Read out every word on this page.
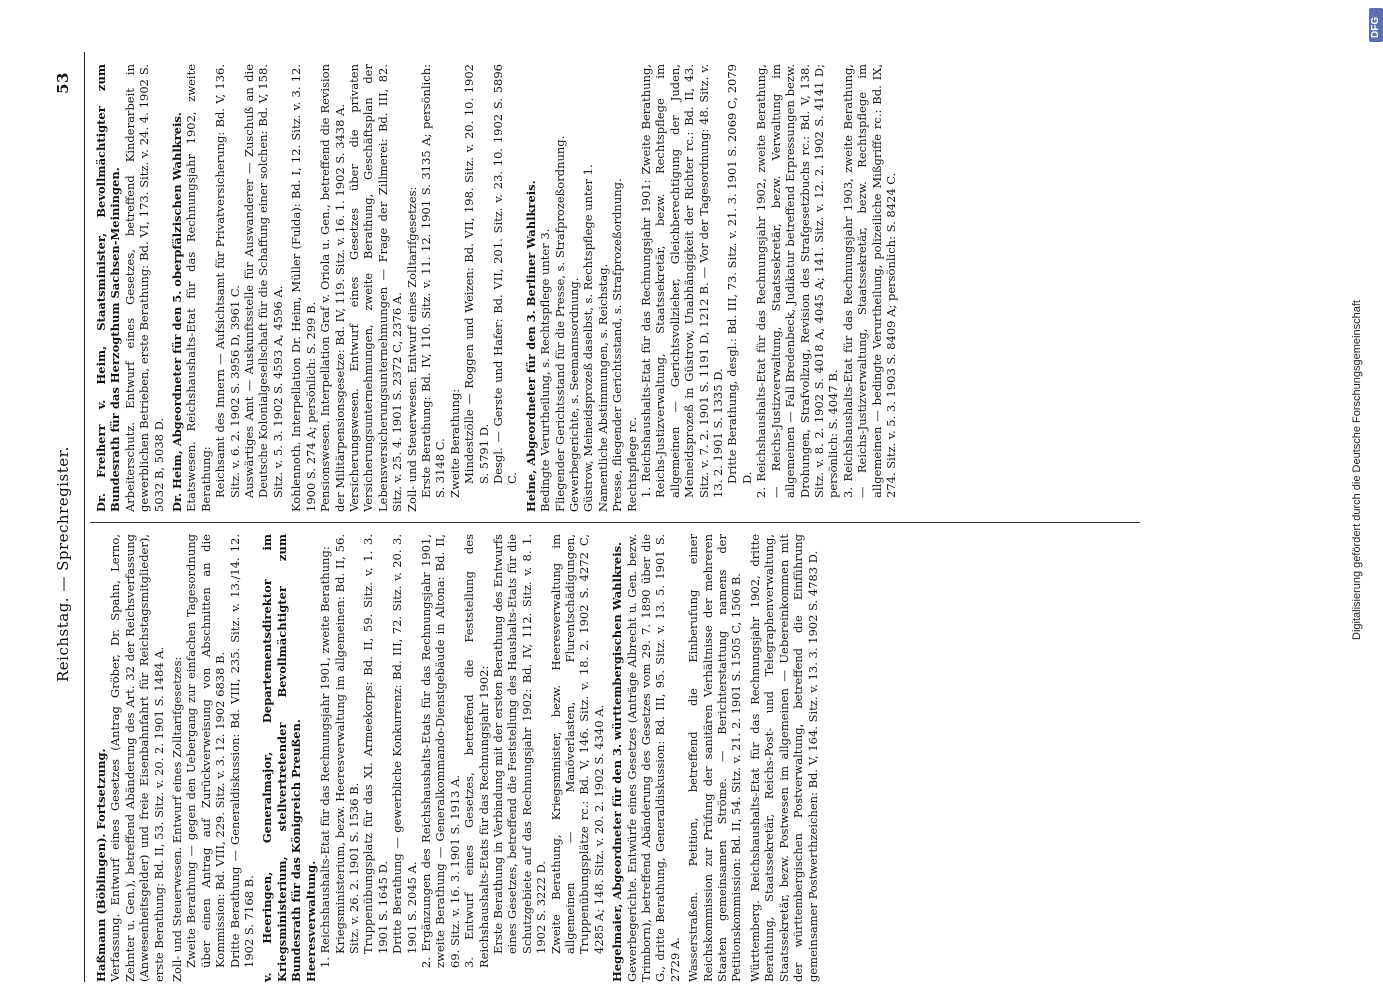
Reichstag. — Sprechregister.
53

Haßmann (Böblingen). Fortsetzung. Verfassung. Entwurf eines Gesetzes (Antrag Gröber, Dr. Spahn, Lerno, Zehnter u. Gen.), betreffend Abänderung des Art. 32 der Reichsverfassung (Anwesenheitsgelder) und freie Eisenbahnfahrt für Reichstagsmitglieder), erste Berathung: Bd. II, 53. Sitz. v. 20. 2. 1901 S. 1484 A. Zoll- und Steuerwesen. Entwurf eines Zolltarifgesetzes: Zweite Berathung — gegen den Uebergang zur einfachen Tagesordnung über einen Antrag auf Zurückverweisung von Abschnitten an die Kommission: Bd. VIII, 229. Sitz. v. 3. 12. 1902 6838 B. Dritte Berathung — Generaldiskussion: Bd. VIII, 235. Sitz. v. 13./14. 12. 1902 S. 7168 B. v. Heeringen, Generalmajor, Departementsdirektor im Kriegsministerium, stellvertretender Bevollmächtigter zum Bundesrath für das Königreich Preußen. Heeresverwaltung. 1. Reichshaushalts-Etat für das Rechnungsjahr 1901, zweite Berathung: Kriegsministerium, bezw. Heeresverwaltung im allgemeinen: Bd. II, 56. Sitz. v. 26. 2. 1901 S. 1536 B. Truppenübungsplatz für das XI. Armeekorps: Bd. II, 59. Sitz. v. 1. 3. 1901 S. 1645 D. Dritte Berathung — gewerbliche Konkurrenz: Bd. III, 72. Sitz. v. 20. 3. 1901 S. 2045 A. 2. Ergänzungen des Reichshaushalts-Etats für das Rechnungsjahr 1901, zweite Berathung — Generalkommando-Dienstgebäude in Altona: Bd. II, 69. Sitz. v. 16. 3. 1901 S. 1913 A. 3. Entwurf eines Gesetzes, betreffend die Feststellung des Reichshaushalts-Etats für das Rechnungsjahr 1902: Erste Berathung in Verbindung mit der ersten Berathung des Entwurfs eines Gesetzes, betreffend die Feststellung des Haushalts-Etats für die Schutzgebiete auf das Rechnungsjahr 1902: Bd. IV, 112. Sitz. v. 8. 1. 1902 S. 3222 D. Zweite Berathung, Kriegsminister, bezw. Heeresverwaltung im allgemeinen — Manöverlasten, Flurentschädigungen, Truppenübungsplätze rc.: Bd. V, 146. Sitz. v. 18. 2. 1902 S. 4272 C, 4285 A; 148. Sitz. v. 20. 2. 1902 S. 4340 A. Hegelmaier, Abgeordneter für den 3. württembergischen Wahlkreis. Gewerbegerichte. Entwürfe eines Gesetzes (Anträge Albrecht u. Gen. bezw. Trimborn), betreffend Abänderung des Gesetzes vom 29. 7. 1890 über die G., dritte Berathung, Generaldiskussion: Bd. III, 95. Sitz. v. 13. 5. 1901 S. 2729 A. Wasserstraßen. Petition, betreffend die Einberufung einer Reichskommission zur Prüfung der sanitären Verhältnisse der mehreren Staaten gemeinsamen Ströme. — Berichterstattung namens der Petitionskommission: Bd. II, 54. Sitz. v. 21. 2. 1901 S. 1505 C, 1506 B. Württemberg. Reichshaushalts-Etat für das Rechnungsjahr 1902, dritte Berathung, Staatssekretär, Reichs-Post- und Telegraphenverwaltung, Staatssekretär, bezw. Postwesen im allgemeinen — Uebereinkommen mit der württembergischen Postverwaltung, betreffend die Einführung gemeinsamer Postwerthzeichen: Bd. V, 164. Sitz. v. 13. 3. 1902 S. 4783 D.

Dr. Freiherr v. Heim, Staatsminister, Bevollmächtigter zum Bundesrath für das Herzogthum Sachsen-Meiningen. Arbeiterschutz. Entwurf eines Gesetzes, betreffend Kinderarbeit in gewerblichen Betrieben, erste Berathung: Bd. VI, 173. Sitz. v. 24. 4. 1902 S. 5032 B, 5038 D. Dr. Heim, Abgeordneter für den 5. oberpfälzischen Wahlkreis. Etatswesen. Reichshaushalts-Etat für das Rechnungsjahr 1902, zweite Berathung: Reichsamt des Innern — Aufsichtsamt für Privatversicherung: Bd. V, 136. Sitz. v. 6. 2. 1902 S. 3956 D, 3961 C. Auswärtiges Amt — Auskunftsstelle für Auswanderer — Zuschuß an die Deutsche Kolonialgesellschaft für die Schaffung einer solchen: Bd. V, 158. Sitz. v. 5. 3. 1902 S. 4593 A, 4596 A. Kohlennoth. Interpellation Dr. Heim, Müller (Fulda): Bd. I, 12. Sitz. v. 3. 12. 1900 S. 274 A; persönlich: S. 299 B. Pensionswesen. Interpellation Graf v. Oriola u. Gen., betreffend die Revision der Militärpensionsgesetze: Bd. IV, 119. Sitz. v. 16. 1. 1902 S. 3438 A. Versicherungswesen. Entwurf eines Gesetzes über die privaten Versicherungsunternehmungen, zweite Berathung, Geschäftsplan der Lebensversicherungsunternehmungen — Frage der Zillmerei: Bd. III, 82. Sitz. v. 25. 4. 1901 S. 2372 C, 2376 A. Zoll- und Steuerwesen. Entwurf eines Zolltarifgesetzes: Erste Berathung: Bd. IV, 110. Sitz. v. 11. 12. 1901 S. 3135 A; persönlich: S. 3148 C. Zweite Berathung: Mindestzölle — Roggen und Weizen: Bd. VII, 198. Sitz. v. 20. 10. 1902 S. 5791 D. Desgl. — Gerste und Hafer: Bd. VII, 201. Sitz. v. 23. 10. 1902 S. 5896 C. Heine, Abgeordneter für den 3. Berliner Wahlkreis. Bedingte Verurtheilung, s. Rechtspflege unter 3. Fliegender Gerichtsstand für die Presse, s. Strafprozeßordnung. Gewerbegerichte, s. Seemannsordnung. Güstrow, Meineidsprozeß daselbst, s. Rechtspflege unter 1. Namentliche Abstimmungen, s. Reichstag. Presse, fliegender Gerichtsstand, s. Strafprozeßordnung. Rechtspflege rc. 1. Reichshaushalts-Etat für das Rechnungsjahr 1901: Zweite Berathung, Reichs-Justizverwaltung, Staatssekretär, bezw. Rechtspflege im allgemeinen — Gerichtsvollzieher, Gleichberechtigung der Juden, Meineidsprozeß in Güstrow, Unabhängigkeit der Richter rc.: Bd. II, 43. Sitz. v. 7. 2. 1901 S. 1191 D, 1212 B. — Vor der Tagesordnung: 48. Sitz. v. 13. 2. 1901 S. 1335 D. Dritte Berathung, desgl.: Bd. III, 73. Sitz. v. 21. 3. 1901 S. 2069 C, 2079 D. 2. Reichshaushalts-Etat für das Rechnungsjahr 1902, zweite Berathung, — Reichs-Justizverwaltung, Staatssekretär, bezw. Verwaltung im allgemeinen — Fall Bredenbeck, Judikatur betreffend Erpressungen bezw. Drohungen, Strafvollzug, Revision des Strafgesetzbuchs rc.: Bd. V, 138. Sitz. v. 8. 2. 1902 S. 4018 A, 4045 A; 141. Sitz. v. 12. 2. 1902 S. 4141 D; persönlich: S. 4047 B. 3. Reichshaushalts-Etat für das Rechnungsjahr 1903, zweite Berathung, — Reichs-Justizverwaltung, Staatssekretär, bezw. Rechtspflege im allgemeinen — bedingte Verurtheilung, polizeiliche Mißgriffe rc.: Bd. IX, 274. Sitz. v. 5. 3. 1903 S. 8409 A; persönlich: S. 8424 C.	Digitalisierung gefördert durch die Deutsche Forschungsgemeinschaft
DFG
